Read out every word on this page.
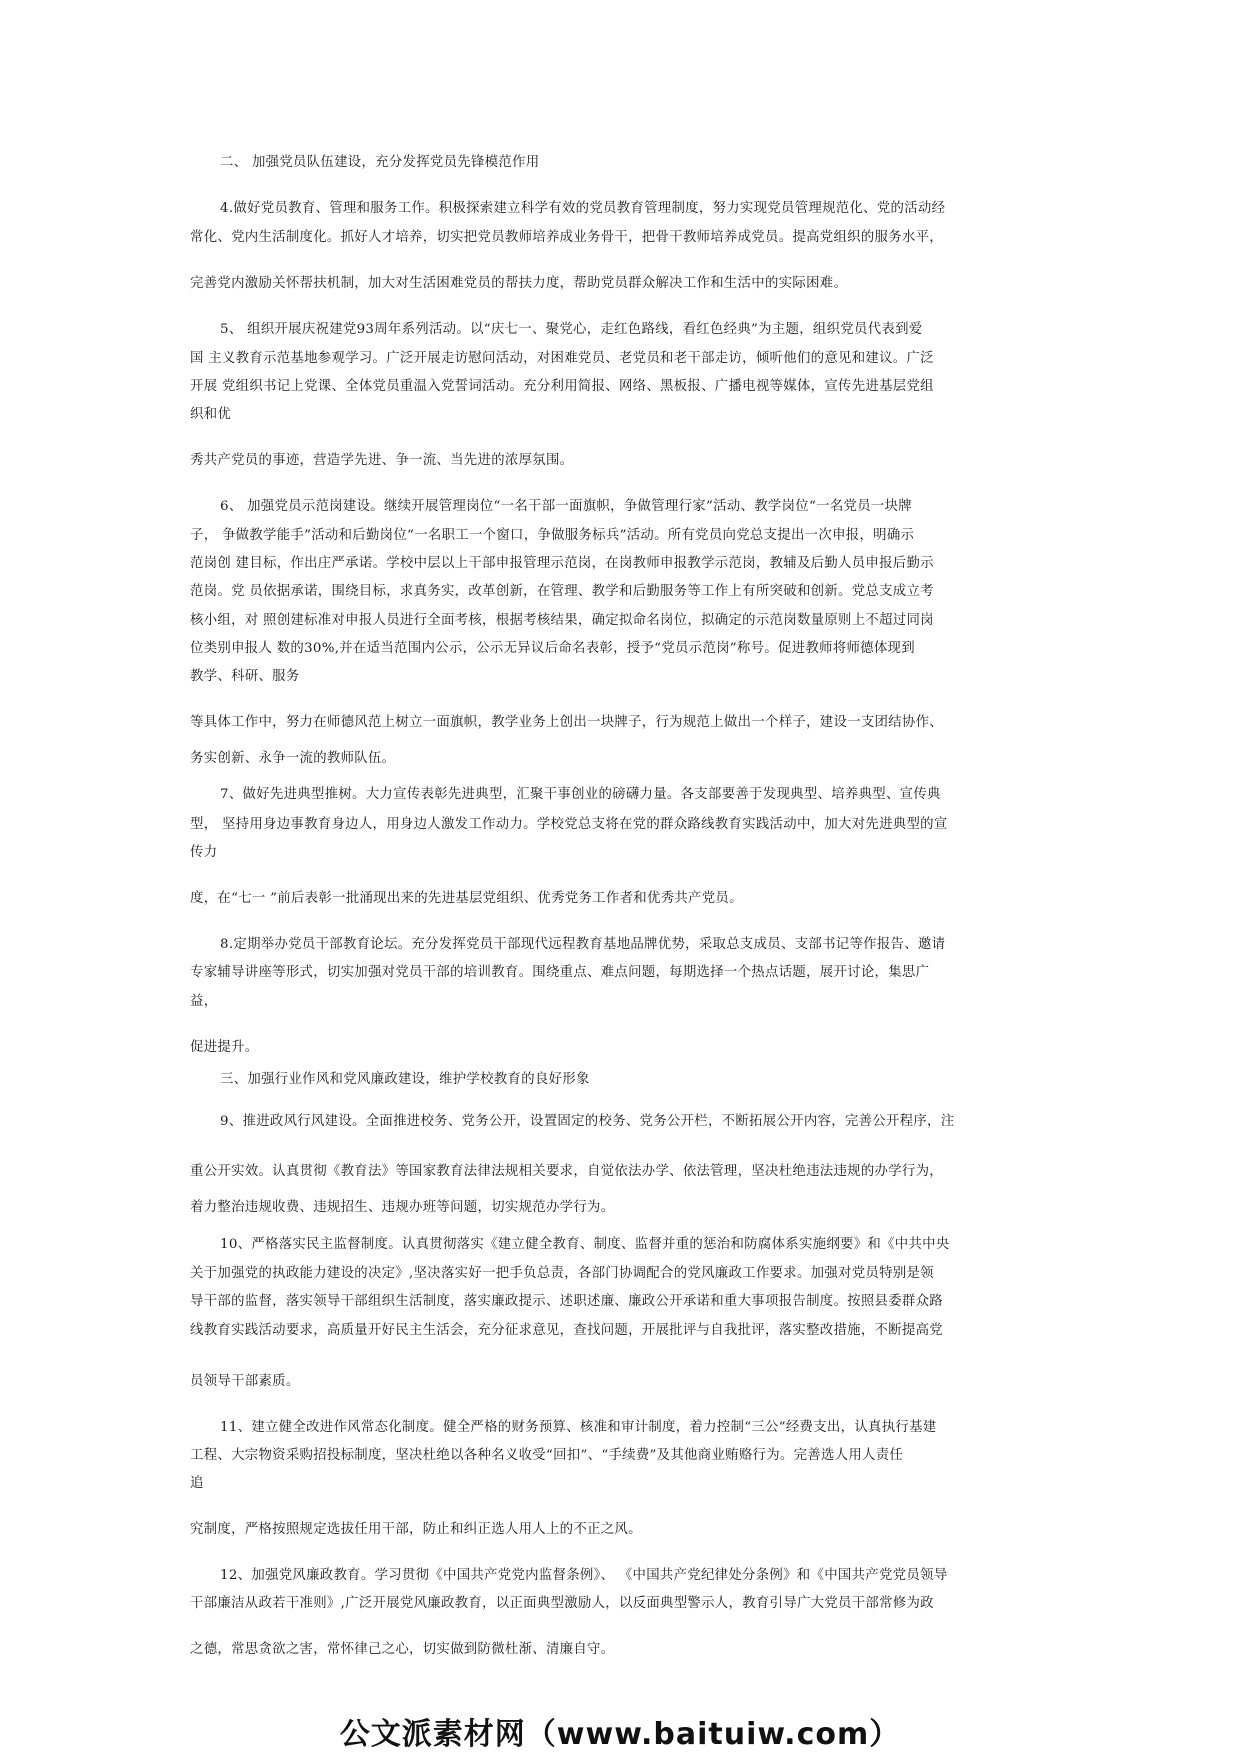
二、 加强党员队伍建设，充分发挥党员先锋模范作用
4.做好党员教育、管理和服务工作。积极探索建立科学有效的党员教育管理制度，努力实现党员管理规范化、党的活动经
常化、党内生活制度化。抓好人才培养，切实把党员教师培养成业务骨干，把骨干教师培养成党员。提高党组织的服务水平，
完善党内激励关怀帮扶机制，加大对生活困难党员的帮扶力度，帮助党员群众解决工作和生活中的实际困难。
5、 组织开展庆祝建党93周年系列活动。以“庆七一、聚党心，走红色路线，看红色经典”为主题，组织党员代表到爱
国 主义教育示范基地参观学习。广泛开展走访慰问活动，对困难党员、老党员和老干部走访，倾听他们的意见和建议。广泛
开展 党组织书记上党课、全体党员重温入党誓词活动。充分利用简报、网络、黑板报、广播电视等媒体，宣传先进基层党组
织和优
秀共产党员的事迹，营造学先进、争一流、当先进的浓厚氛围。
6、 加强党员示范岗建设。继续开展管理岗位“一名干部一面旗帜，争做管理行家”活动、教学岗位“一名党员一块牌
子， 争做教学能手”活动和后勤岗位“一名职工一个窗口，争做服务标兵”活动。所有党员向党总支提出一次申报，明确示
范岗创 建目标，作出庄严承诺。学校中层以上干部申报管理示范岗，在岗教师申报教学示范岗，教辅及后勤人员申报后勤示
范岗。党 员依据承诺，围绕目标，求真务实，改革创新，在管理、教学和后勤服务等工作上有所突破和创新。党总支成立考
核小组，对 照创建标准对申报人员进行全面考核，根据考核结果，确定拟命名岗位，拟确定的示范岗数量原则上不超过同岗
位类别申报人 数的30%,并在适当范围内公示，公示无异议后命名表彰，授予“党员示范岗”称号。促进教师将师德体现到
教学、科研、服务
等具体工作中，努力在师德风范上树立一面旗帜，教学业务上创出一块牌子，行为规范上做出一个样子，建设一支团结协作、
务实创新、永争一流的教师队伍。
7、做好先进典型推树。大力宣传表彰先进典型，汇聚干事创业的磅礴力量。各支部要善于发现典型、培养典型、宣传典
型， 坚持用身边事教育身边人，用身边人激发工作动力。学校党总支将在党的群众路线教育实践活动中，加大对先进典型的宣
传力
度，在“七一 ”前后表彰一批涌现出来的先进基层党组织、优秀党务工作者和优秀共产党员。
8.定期举办党员干部教育论坛。充分发挥党员干部现代远程教育基地品牌优势，采取总支成员、支部书记等作报告、邀请
专家辅导讲座等形式，切实加强对党员干部的培训教育。围绕重点、难点问题，每期选择一个热点话题，展开讨论，集思广
益，
促进提升。
三、加强行业作风和党风廉政建设，维护学校教育的良好形象
9、推进政风行风建设。全面推进校务、党务公开，设置固定的校务、党务公开栏，不断拓展公开内容，完善公开程序，注
重公开实效。认真贯彻《教育法》等国家教育法律法规相关要求，自觉依法办学、依法管理，坚决杜绝违法违规的办学行为，
着力整治违规收费、违规招生、违规办班等问题，切实规范办学行为。
10、严格落实民主监督制度。认真贯彻落实《建立健全教育、制度、监督并重的惩治和防腐体系实施纲要》和《中共中央
关于加强党的执政能力建设的决定》,坚决落实好一把手负总责，各部门协调配合的党风廉政工作要求。加强对党员特别是领
导干部的监督，落实领导干部组织生活制度，落实廉政提示、述职述廉、廉政公开承诺和重大事项报告制度。按照县委群众路
线教育实践活动要求，高质量开好民主生活会，充分征求意见，查找问题，开展批评与自我批评，落实整改措施，不断提高党
员领导干部素质。
11、建立健全改进作风常态化制度。健全严格的财务预算、核准和审计制度，着力控制“三公”经费支出，认真执行基建
工程、大宗物资采购招投标制度，坚决杜绝以各种名义收受“回扣”、“手续费”及其他商业贿赂行为。完善选人用人责任
追
究制度，严格按照规定选拔任用干部，防止和纠正选人用人上的不正之风。
12、加强党风廉政教育。学习贯彻《中国共产党党内监督条例》、 《中国共产党纪律处分条例》和《中国共产党党员领导
干部廉洁从政若干准则》,广泛开展党风廉政教育，以正面典型激励人，以反面典型警示人，教育引导广大党员干部常修为政
之德，常思贪欲之害，常怀律己之心，切实做到防微杜渐、清廉自守。
公文派素材网（www.baituiw.com）
